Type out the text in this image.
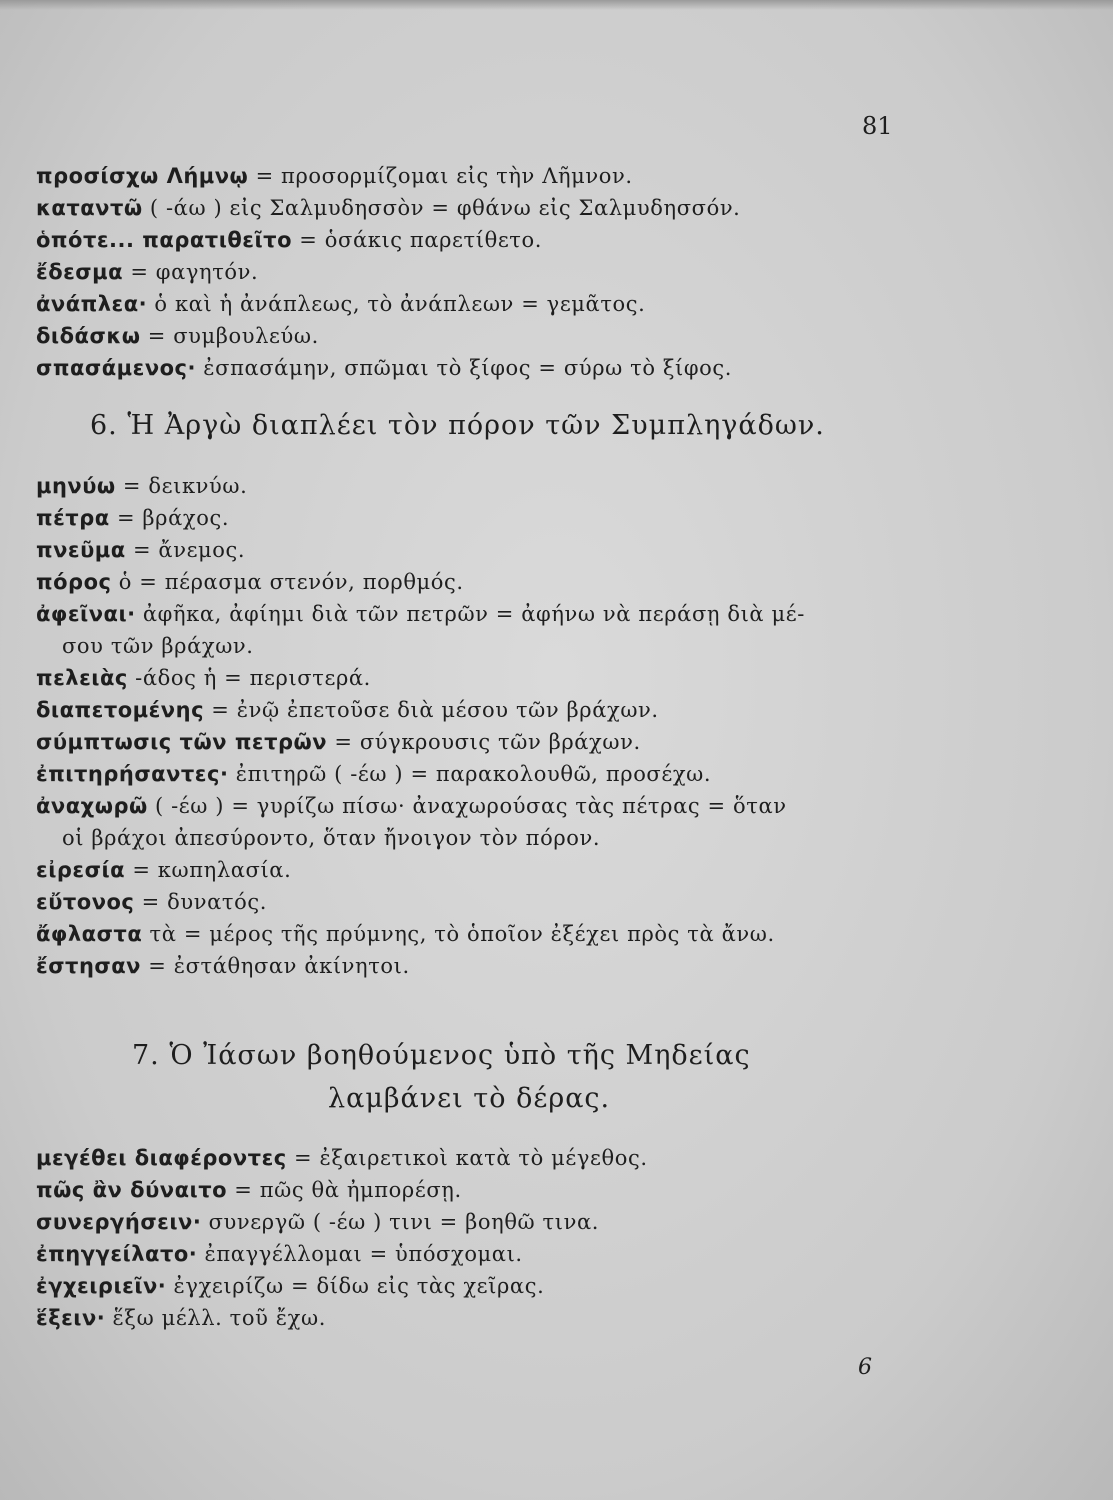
81

προσίσχω Λήμνῳ = προσορμίζομαι εἰς τὴν Λῆμνον.

καταντῶ ( -άω ) εἰς Σαλμυδησσὸν = φθάνω εἰς Σαλμυδησσόν.

ὁπότε... παρατιθεῖτο = ὁσάκις παρετίθετο.

ἔδεσμα = φαγητόν.

ἀνάπλεα· ὁ καὶ ἡ ἀνάπλεως, τὸ ἀνάπλεων = γεμᾶτος.

διδάσκω = συμβουλεύω.

σπασάμενος· ἐσπασάμην, σπῶμαι τὸ ξίφος = σύρω τὸ ξίφος.

6. Ἡ Ἀργὼ διαπλέει τὸν πόρον τῶν Συμπληγάδων.

μηνύω = δεικνύω.

πέτρα = βράχος.

πνεῦμα = ἄνεμος.

πόρος ὁ = πέρασμα στενόν, πορθμός.

ἀφεῖναι· ἀφῆκα, ἀφίημι διὰ τῶν πετρῶν = ἀφήνω νὰ περάσῃ διὰ μέ-

σου τῶν βράχων.

πελειὰς -άδος ἡ = περιστερά.

διαπετομένης = ἐνῷ ἐπετοῦσε διὰ μέσου τῶν βράχων.

σύμπτωσις τῶν πετρῶν = σύγκρουσις τῶν βράχων.

ἐπιτηρήσαντες· ἐπιτηρῶ ( -έω ) = παρακολουθῶ, προσέχω.

ἀναχωρῶ ( -έω ) = γυρίζω πίσω· ἀναχωρούσας τὰς πέτρας = ὅταν

οἱ βράχοι ἀπεσύροντο, ὅταν ἤνοιγον τὸν πόρον.

εἰρεσία = κωπηλασία.

εὔτονος = δυνατός.

ἄφλαστα τὰ = μέρος τῆς πρύμνης, τὸ ὁποῖον ἐξέχει πρὸς τὰ ἄνω.

ἔστησαν = ἐστάθησαν ἀκίνητοι.

7. Ὁ Ἰάσων βοηθούμενος ὑπὸ τῆς Μηδείας
λαμβάνει τὸ δέρας.

μεγέθει διαφέροντες = ἐξαιρετικοὶ κατὰ τὸ μέγεθος.

πῶς ἂν δύναιτο = πῶς θὰ ἠμπορέσῃ.

συνεργήσειν· συνεργῶ ( -έω ) τινι = βοηθῶ τινα.

ἐπηγγείλατο· ἐπαγγέλλομαι = ὑπόσχομαι.

ἐγχειριεῖν· ἐγχειρίζω = δίδω εἰς τὰς χεῖρας.

ἕξειν· ἕξω μέλλ. τοῦ ἔχω.

6
